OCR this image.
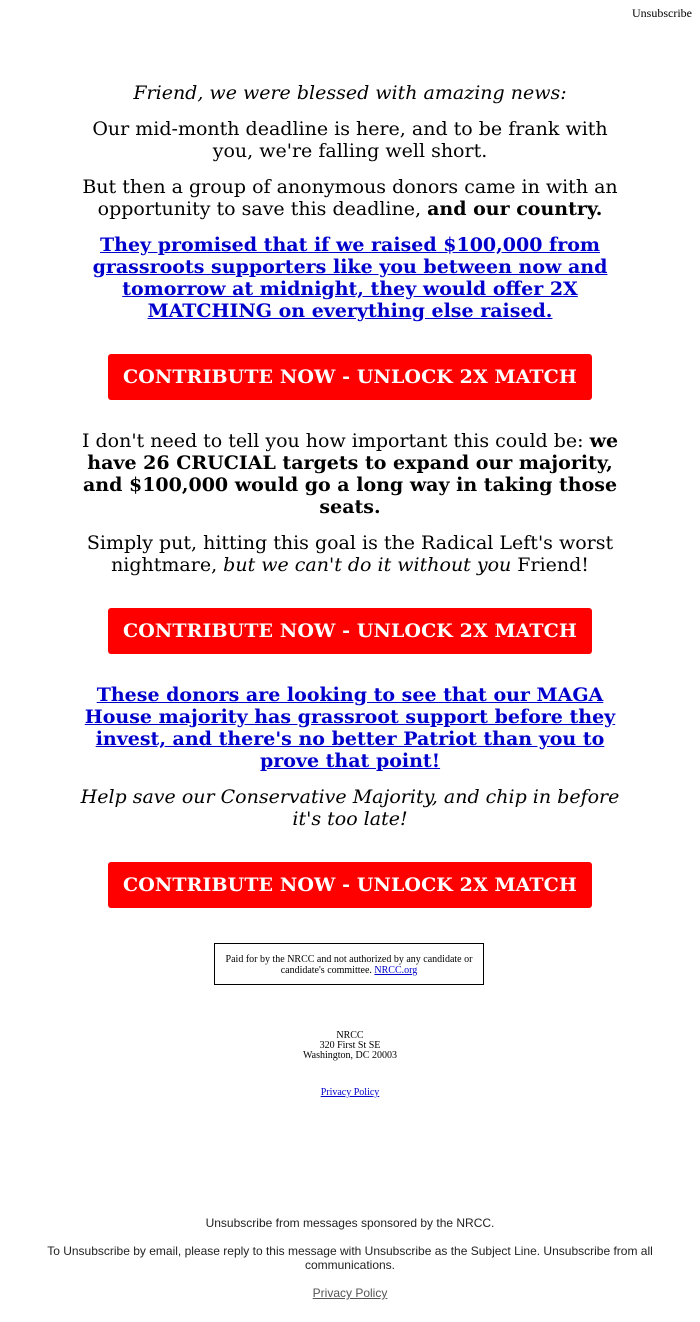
Unsubscribe

Friend, we were blessed with amazing news:

Our mid-month deadline is here, and to be frank with you, we're falling well short.

But then a group of anonymous donors came in with an opportunity to save this deadline, and our country.

They promised that if we raised $100,000 from grassroots supporters like you between now and tomorrow at midnight, they would offer 2X MATCHING on everything else raised.

CONTRIBUTE NOW - UNLOCK 2X MATCH

I don't need to tell you how important this could be: we have 26 CRUCIAL targets to expand our majority, and $100,000 would go a long way in taking those seats.

Simply put, hitting this goal is the Radical Left's worst nightmare, but we can't do it without you Friend!

CONTRIBUTE NOW - UNLOCK 2X MATCH

These donors are looking to see that our MAGA House majority has grassroot support before they invest, and there's no better Patriot than you to prove that point!

Help save our Conservative Majority, and chip in before it's too late!

CONTRIBUTE NOW - UNLOCK 2X MATCH
Paid for by the NRCC and not authorized by any candidate or candidate's committee. NRCC.org
NRCC
320 First St SE
Washington, DC 20003
Privacy Policy

Unsubscribe from messages sponsored by the NRCC.

To Unsubscribe by email, please reply to this message with Unsubscribe as the Subject Line. Unsubscribe from all communications.

Privacy Policy
